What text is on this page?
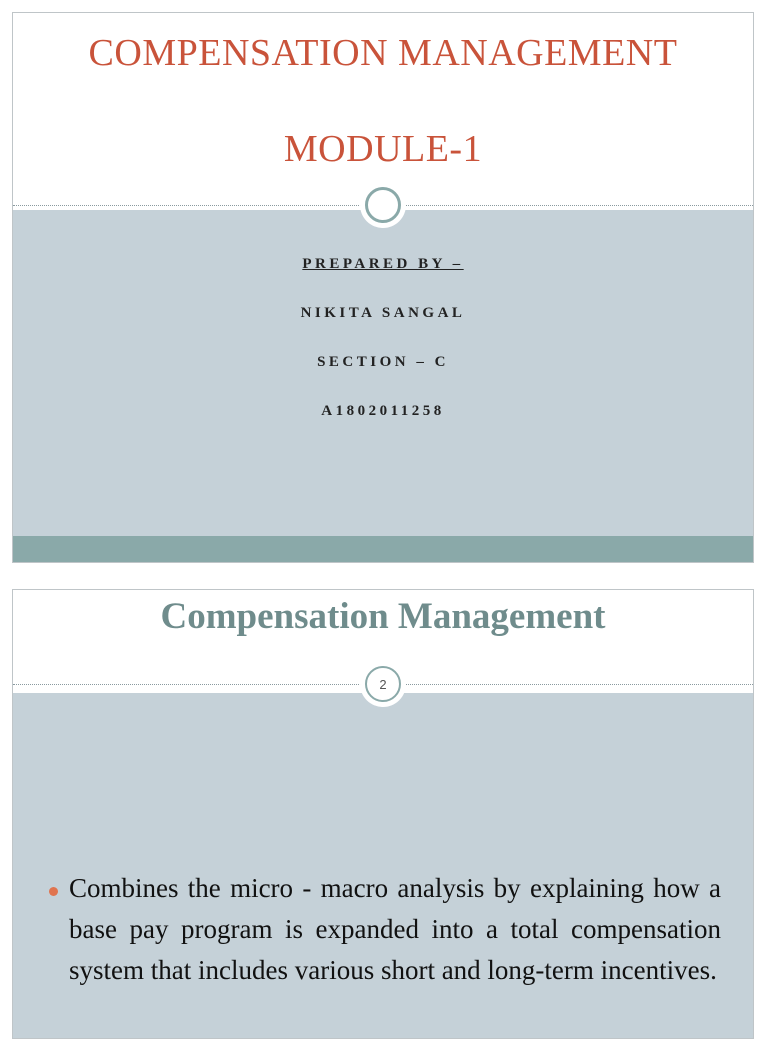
COMPENSATION MANAGEMENT
MODULE-1
PREPARED BY –
NIKITA SANGAL
SECTION – C
A1802011258
Compensation Management
Combines the micro - macro analysis by explaining how a base pay program is expanded into a total compensation system that includes various short and long-term incentives.
2
